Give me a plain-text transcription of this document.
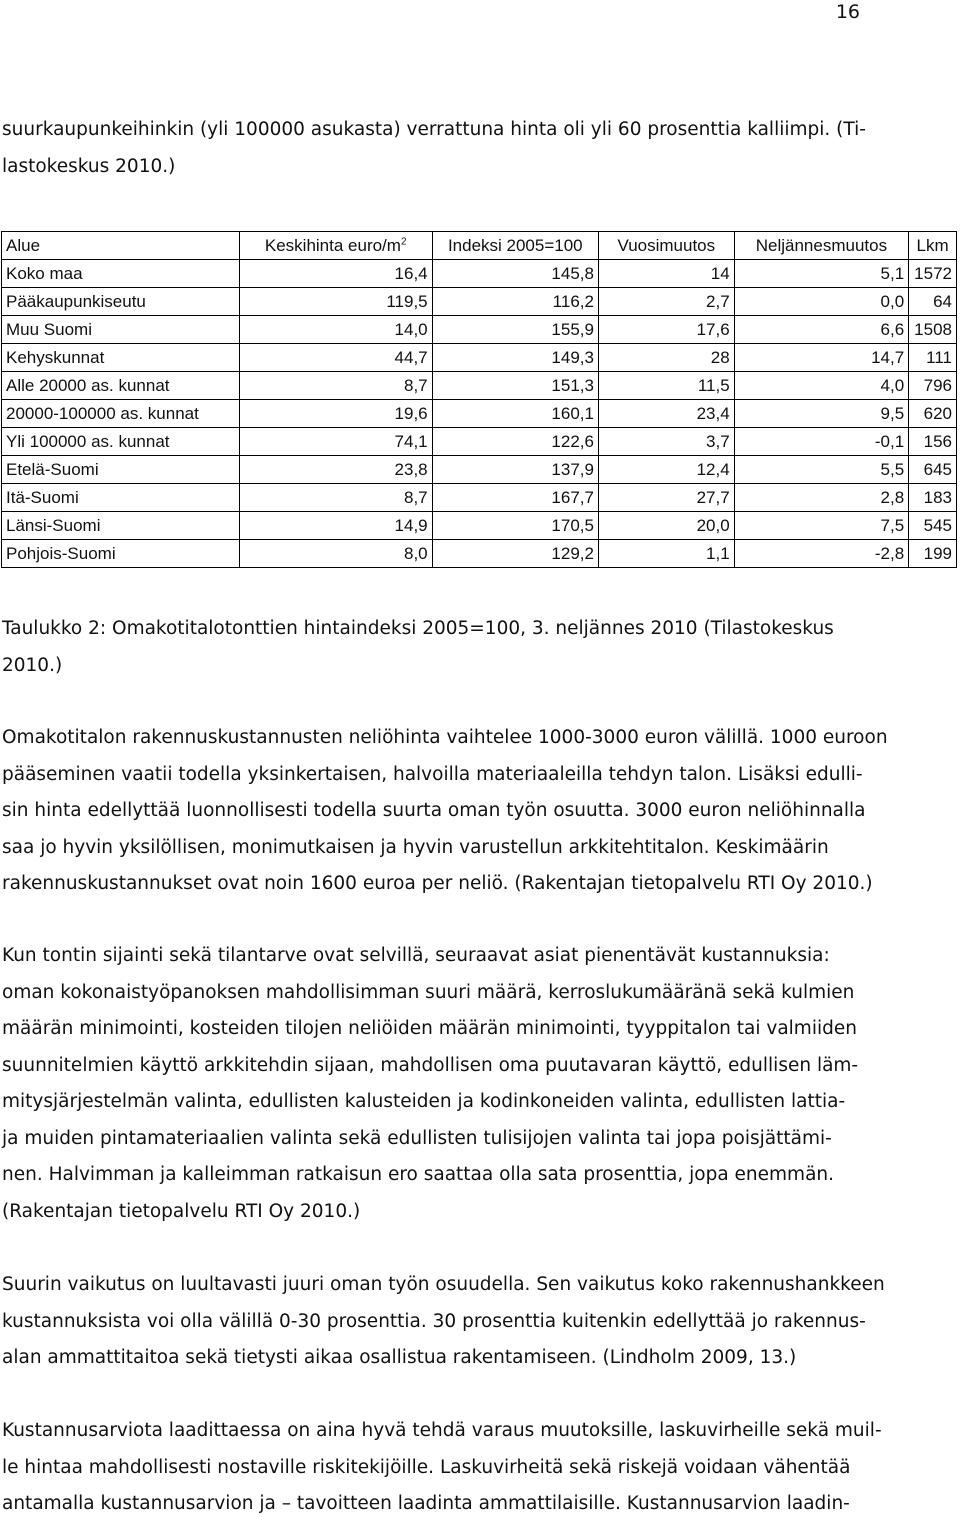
16
suurkaupunkeihinkin (yli 100000 asukasta) verrattuna hinta oli yli 60 prosenttia kalliimpi. (Ti-
lastokeskus 2010.)
Alue	Keskihinta euro/$m^2$	Indeksi 2005=100	Vuosimuutos	Neljännesmuutos	Lkm
Koko maa	16,4	145,8	14	5,1	1572
Pääkaupunkiseutu	119,5	116,2	2,7	0,0	64
Muu Suomi	14,0	155,9	17,6	6,6	1508
Kehyskunnat	44,7	149,3	28	14,7	111
Alle 20000 as. kunnat	8,7	151,3	11,5	4,0	796
20000-100000 as. kunnat	19,6	160,1	23,4	9,5	620
Yli 100000 as. kunnat	74,1	122,6	3,7	-0,1	156
Etelä-Suomi	23,8	137,9	12,4	5,5	645
Itä-Suomi	8,7	167,7	27,7	2,8	183
Länsi-Suomi	14,9	170,5	20,0	7,5	545
Pohjois-Suomi	8,0	129,2	1,1	-2,8	199
Taulukko 2: Omakotitalotonttien hintaindeksi 2005=100, 3. neljännes 2010 (Tilastokeskus
2010.)
Omakotitalon rakennuskustannusten neliöhinta vaihtelee 1000-3000 euron välillä. 1000 euroon
pääseminen vaatii todella yksinkertaisen, halvoilla materiaaleilla tehdyn talon. Lisäksi edulli-
sin hinta edellyttää luonnollisesti todella suurta oman työn osuutta. 3000 euron neliöhinnalla
saa jo hyvin yksilöllisen, monimutkaisen ja hyvin varustellun arkkitehtitalon. Keskimäärin
rakennuskustannukset ovat noin 1600 euroa per neliö. (Rakentajan tietopalvelu RTI Oy 2010.)
Kun tontin sijainti sekä tilantarve ovat selvillä, seuraavat asiat pienentävät kustannuksia:
oman kokonaistyöpanoksen mahdollisimman suuri määrä, kerroslukumääränä sekä kulmien
määrän minimointi, kosteiden tilojen neliöiden määrän minimointi, tyyppitalon tai valmiiden
suunnitelmien käyttö arkkitehdin sijaan, mahdollisen oma puutavaran käyttö, edullisen läm-
mitysjärjestelmän valinta, edullisten kalusteiden ja kodinkoneiden valinta, edullisten lattia-
ja muiden pintamateriaalien valinta sekä edullisten tulisijojen valinta tai jopa poisjättämi-
nen. Halvimman ja kalleimman ratkaisun ero saattaa olla sata prosenttia, jopa enemmän.
(Rakentajan tietopalvelu RTI Oy 2010.)
Suurin vaikutus on luultavasti juuri oman työn osuudella. Sen vaikutus koko rakennushankkeen
kustannuksista voi olla välillä 0-30 prosenttia. 30 prosenttia kuitenkin edellyttää jo rakennus-
alan ammattitaitoa sekä tietysti aikaa osallistua rakentamiseen. (Lindholm 2009, 13.)
Kustannusarviota laadittaessa on aina hyvä tehdä varaus muutoksille, laskuvirheille sekä muil-
le hintaa mahdollisesti nostaville riskitekijöille. Laskuvirheitä sekä riskejä voidaan vähentää
antamalla kustannusarvion ja – tavoitteen laadinta ammattilaisille. Kustannusarvion laadin-
